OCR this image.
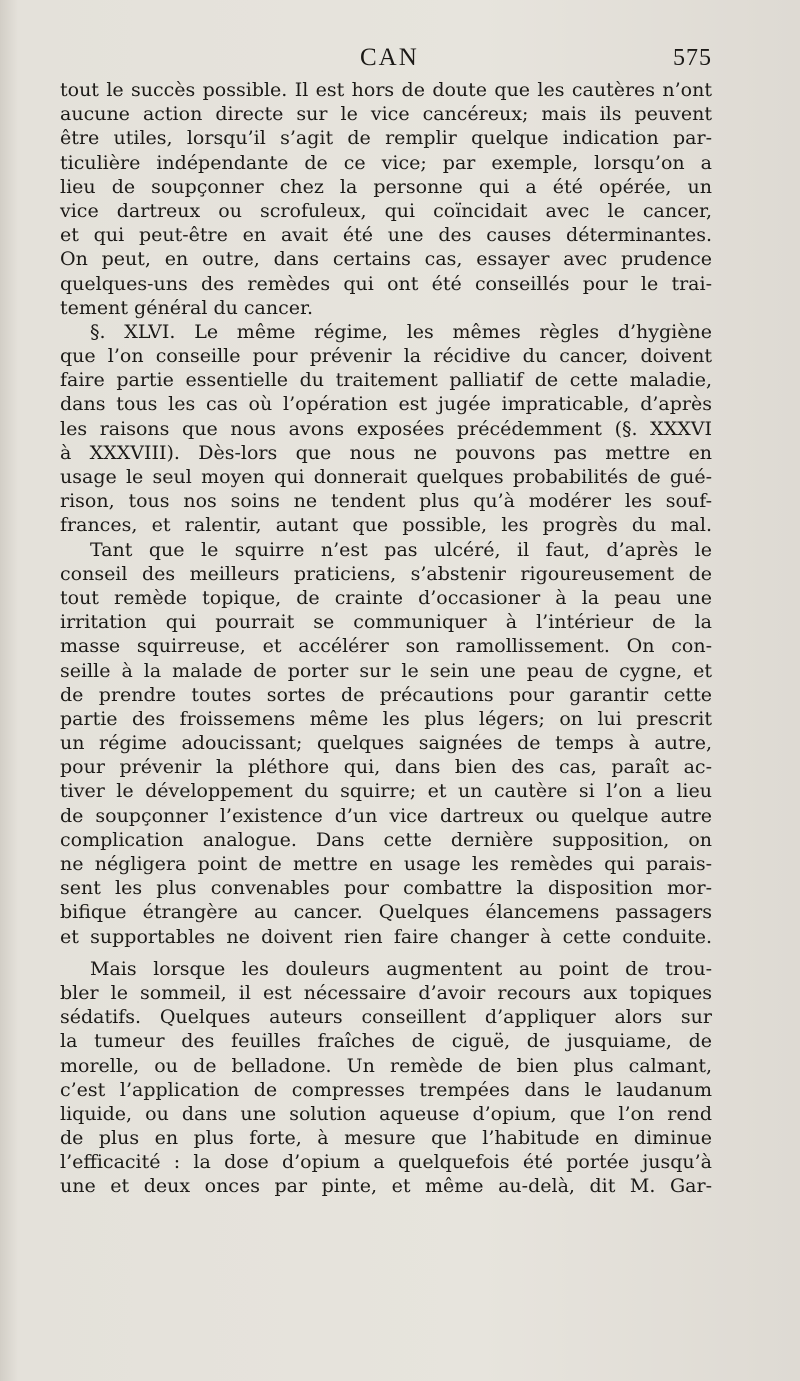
CAN	575
tout le succès possible. Il est hors de doute que les cautères n’ont
aucune action directe sur le vice cancéreux; mais ils peuvent
être utiles, lorsqu’il s’agit de remplir quelque indication par-
ticulière indépendante de ce vice; par exemple, lorsqu’on a
lieu de soupçonner chez la personne qui a été opérée, un
vice dartreux ou scrofuleux, qui coïncidait avec le cancer,
et qui peut-être en avait été une des causes déterminantes.
On peut, en outre, dans certains cas, essayer avec prudence
quelques-uns des remèdes qui ont été conseillés pour le trai-
tement général du cancer.
§. XLVI. Le même régime, les mêmes règles d’hygiène
que l’on conseille pour prévenir la récidive du cancer, doivent
faire partie essentielle du traitement palliatif de cette maladie,
dans tous les cas où l’opération est jugée impraticable, d’après
les raisons que nous avons exposées précédemment (§. XXXVI
à XXXVIII). Dès-lors que nous ne pouvons pas mettre en
usage le seul moyen qui donnerait quelques probabilités de gué-
rison, tous nos soins ne tendent plus qu’à modérer les souf-
frances, et ralentir, autant que possible, les progrès du mal.
Tant que le squirre n’est pas ulcéré, il faut, d’après le
conseil des meilleurs praticiens, s’abstenir rigoureusement de
tout remède topique, de crainte d’occasioner à la peau une
irritation qui pourrait se communiquer à l’intérieur de la
masse squirreuse, et accélérer son ramollissement. On con-
seille à la malade de porter sur le sein une peau de cygne, et
de prendre toutes sortes de précautions pour garantir cette
partie des froissemens même les plus légers; on lui prescrit
un régime adoucissant; quelques saignées de temps à autre,
pour prévenir la pléthore qui, dans bien des cas, paraît ac-
tiver le développement du squirre; et un cautère si l’on a lieu
de soupçonner l’existence d’un vice dartreux ou quelque autre
complication analogue. Dans cette dernière supposition, on
ne négligera point de mettre en usage les remèdes qui parais-
sent les plus convenables pour combattre la disposition mor-
bifique étrangère au cancer. Quelques élancemens passagers
et supportables ne doivent rien faire changer à cette conduite.
Mais lorsque les douleurs augmentent au point de trou-
bler le sommeil, il est nécessaire d’avoir recours aux topiques
sédatifs. Quelques auteurs conseillent d’appliquer alors sur
la tumeur des feuilles fraîches de ciguë, de jusquiame, de
morelle, ou de belladone. Un remède de bien plus calmant,
c’est l’application de compresses trempées dans le laudanum
liquide, ou dans une solution aqueuse d’opium, que l’on rend
de plus en plus forte, à mesure que l’habitude en diminue
l’efficacité : la dose d’opium a quelquefois été portée jusqu’à
une et deux onces par pinte, et même au-delà, dit M. Gar-
